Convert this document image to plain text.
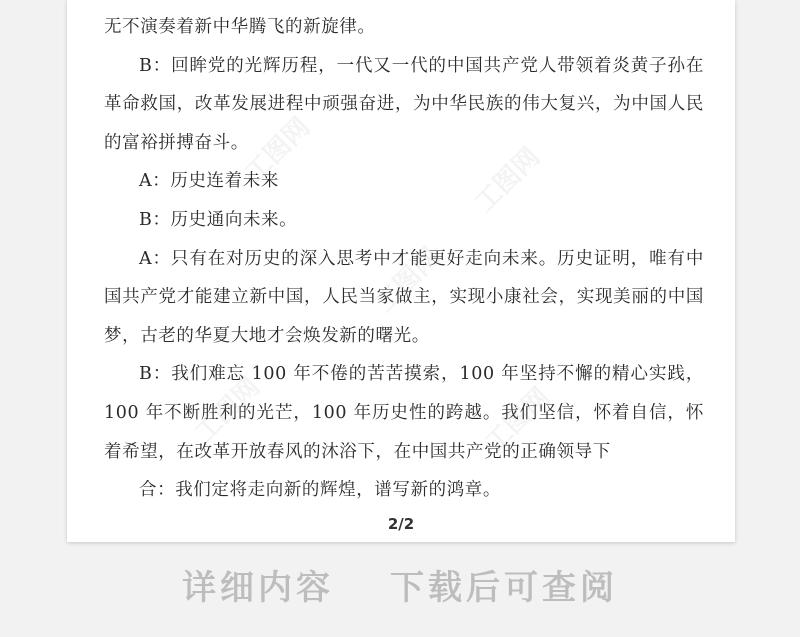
无不演奏着新中华腾飞的新旋律。

B：回眸党的光辉历程，一代又一代的中国共产党人带领着炎黄子孙在革命救国，改革发展进程中顽强奋进，为中华民族的伟大复兴，为中国人民的富裕拼搏奋斗。

A：历史连着未来

B：历史通向未来。

A：只有在对历史的深入思考中才能更好走向未来。历史证明，唯有中国共产党才能建立新中国，人民当家做主，实现小康社会，实现美丽的中国梦，古老的华夏大地才会焕发新的曙光。

B：我们难忘 100 年不倦的苦苦摸索，100 年坚持不懈的精心实践，100 年不断胜利的光芒，100 年历史性的跨越。我们坚信，怀着自信，怀着希望，在改革开放春风的沐浴下，在中国共产党的正确领导下

合：我们定将走向新的辉煌，谱写新的鸿章。

工图网	工图网
工图网
工图网	工图网
2/2
详细内容 下载后可查阅
